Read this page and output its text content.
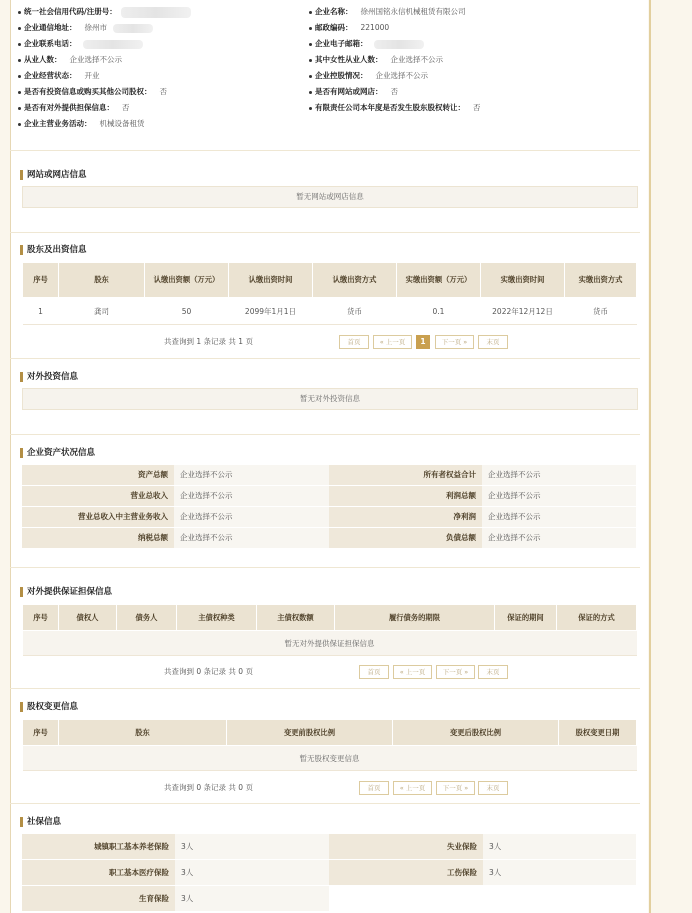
统一社会信用代码/注册号：	企业名称： 徐州国铭永信机械租赁有限公司
企业通信地址： 徐州市	邮政编码： 221000
企业联系电话：	企业电子邮箱：
从业人数： 企业选择不公示	其中女性从业人数： 企业选择不公示
企业经营状态： 开业	企业控股情况： 企业选择不公示
是否有投资信息或购买其他公司股权： 否	是否有网站或网店： 否
是否有对外提供担保信息： 否	有限责任公司本年度是否发生股东股权转让： 否
企业主营业务活动： 机械设备租赁
网站或网店信息
暂无网站或网店信息
股东及出资信息
序号	股东	认缴出资额（万元）	认缴出资时间	认缴出资方式	实缴出资额（万元）	实缴出资时间	实缴出资方式
1	龚司	50	2099年1月1日	货币	0.1	2022年12月12日	货币
共查询到 1 条记录 共 1 页	首页	« 上一页	1	下一页 »	末页
对外投资信息
暂无对外投资信息
企业资产状况信息
资产总额	企业选择不公示	所有者权益合计	企业选择不公示
营业总收入	企业选择不公示	利润总额	企业选择不公示
营业总收入中主营业务收入	企业选择不公示	净利润	企业选择不公示
纳税总额	企业选择不公示	负债总额	企业选择不公示
对外提供保证担保信息
序号	债权人	债务人	主债权种类	主债权数额	履行债务的期限	保证的期间	保证的方式
暂无对外提供保证担保信息
共查询到 0 条记录 共 0 页	首页	« 上一页	下一页 »	末页
股权变更信息
序号	股东	变更前股权比例	变更后股权比例	股权变更日期
暂无股权变更信息
共查询到 0 条记录 共 0 页	首页	« 上一页	下一页 »	末页
社保信息
城镇职工基本养老保险	3人	失业保险	3人
职工基本医疗保险	3人	工伤保险	3人
生育保险	3人
